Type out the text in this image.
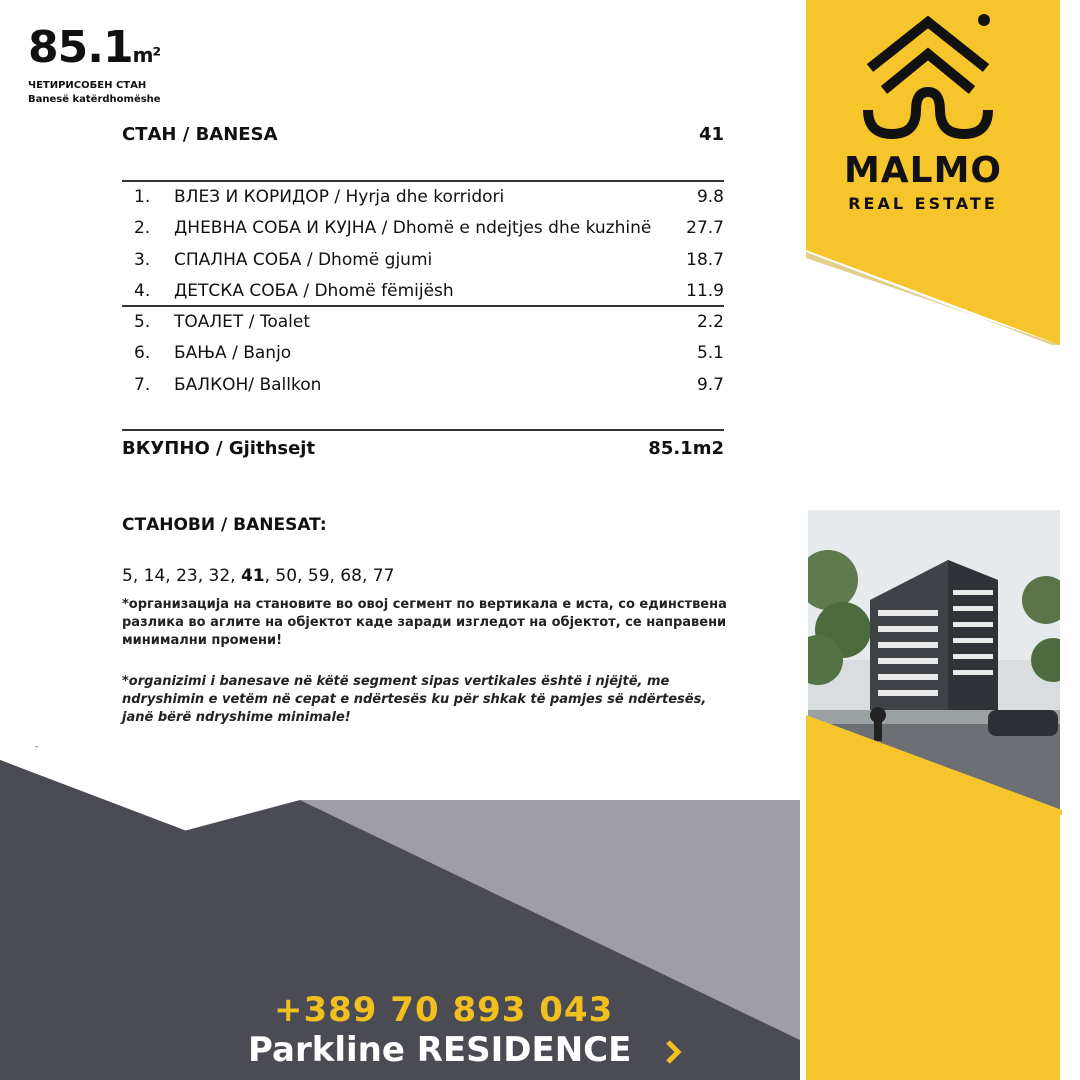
85.1m²
ЧЕТИРИСОБЕН СТАН
Banesë katërdhomëshe
СТАН / BANESA	41
1. ВЛЕЗ И КОРИДОР / Hyrja dhe korridori	9.8
2. ДНЕВНА СОБА И КУЈНА / Dhomë e ndejtjes dhe kuzhinë 27.7
3. СПАЛНА СОБА / Dhomë gjumi	18.7
4. ДЕТСКА СОБА / Dhomë fëmijësh	11.9
5. ТОАЛЕТ / Toalet	2.2
6. БАЊА / Banjo	5.1
7. БАЛКОН/ Ballkon	9.7
ВКУПНО / Gjithsejt	85.1m2
СТАНОВИ / BANESAT:
5, 14, 23, 32, 41, 50, 59, 68, 77
*организација на становите во овој сегмент по вертикала е иста, со единствена разлика во аглите на објектот каде заради изгледот на објектот, се направени минимални промени!
*organizimi i banesave në këtë segment sipas vertikales është i njëjtë, me ndryshimin e vetëm në cepat e ndërtesës ku për shkak të pamjes së ndërtesës, janë bërë ndryshime minimale!
-
MALMO
REAL ESTATE
+389 70 893 043
Parkline RESIDENCE
